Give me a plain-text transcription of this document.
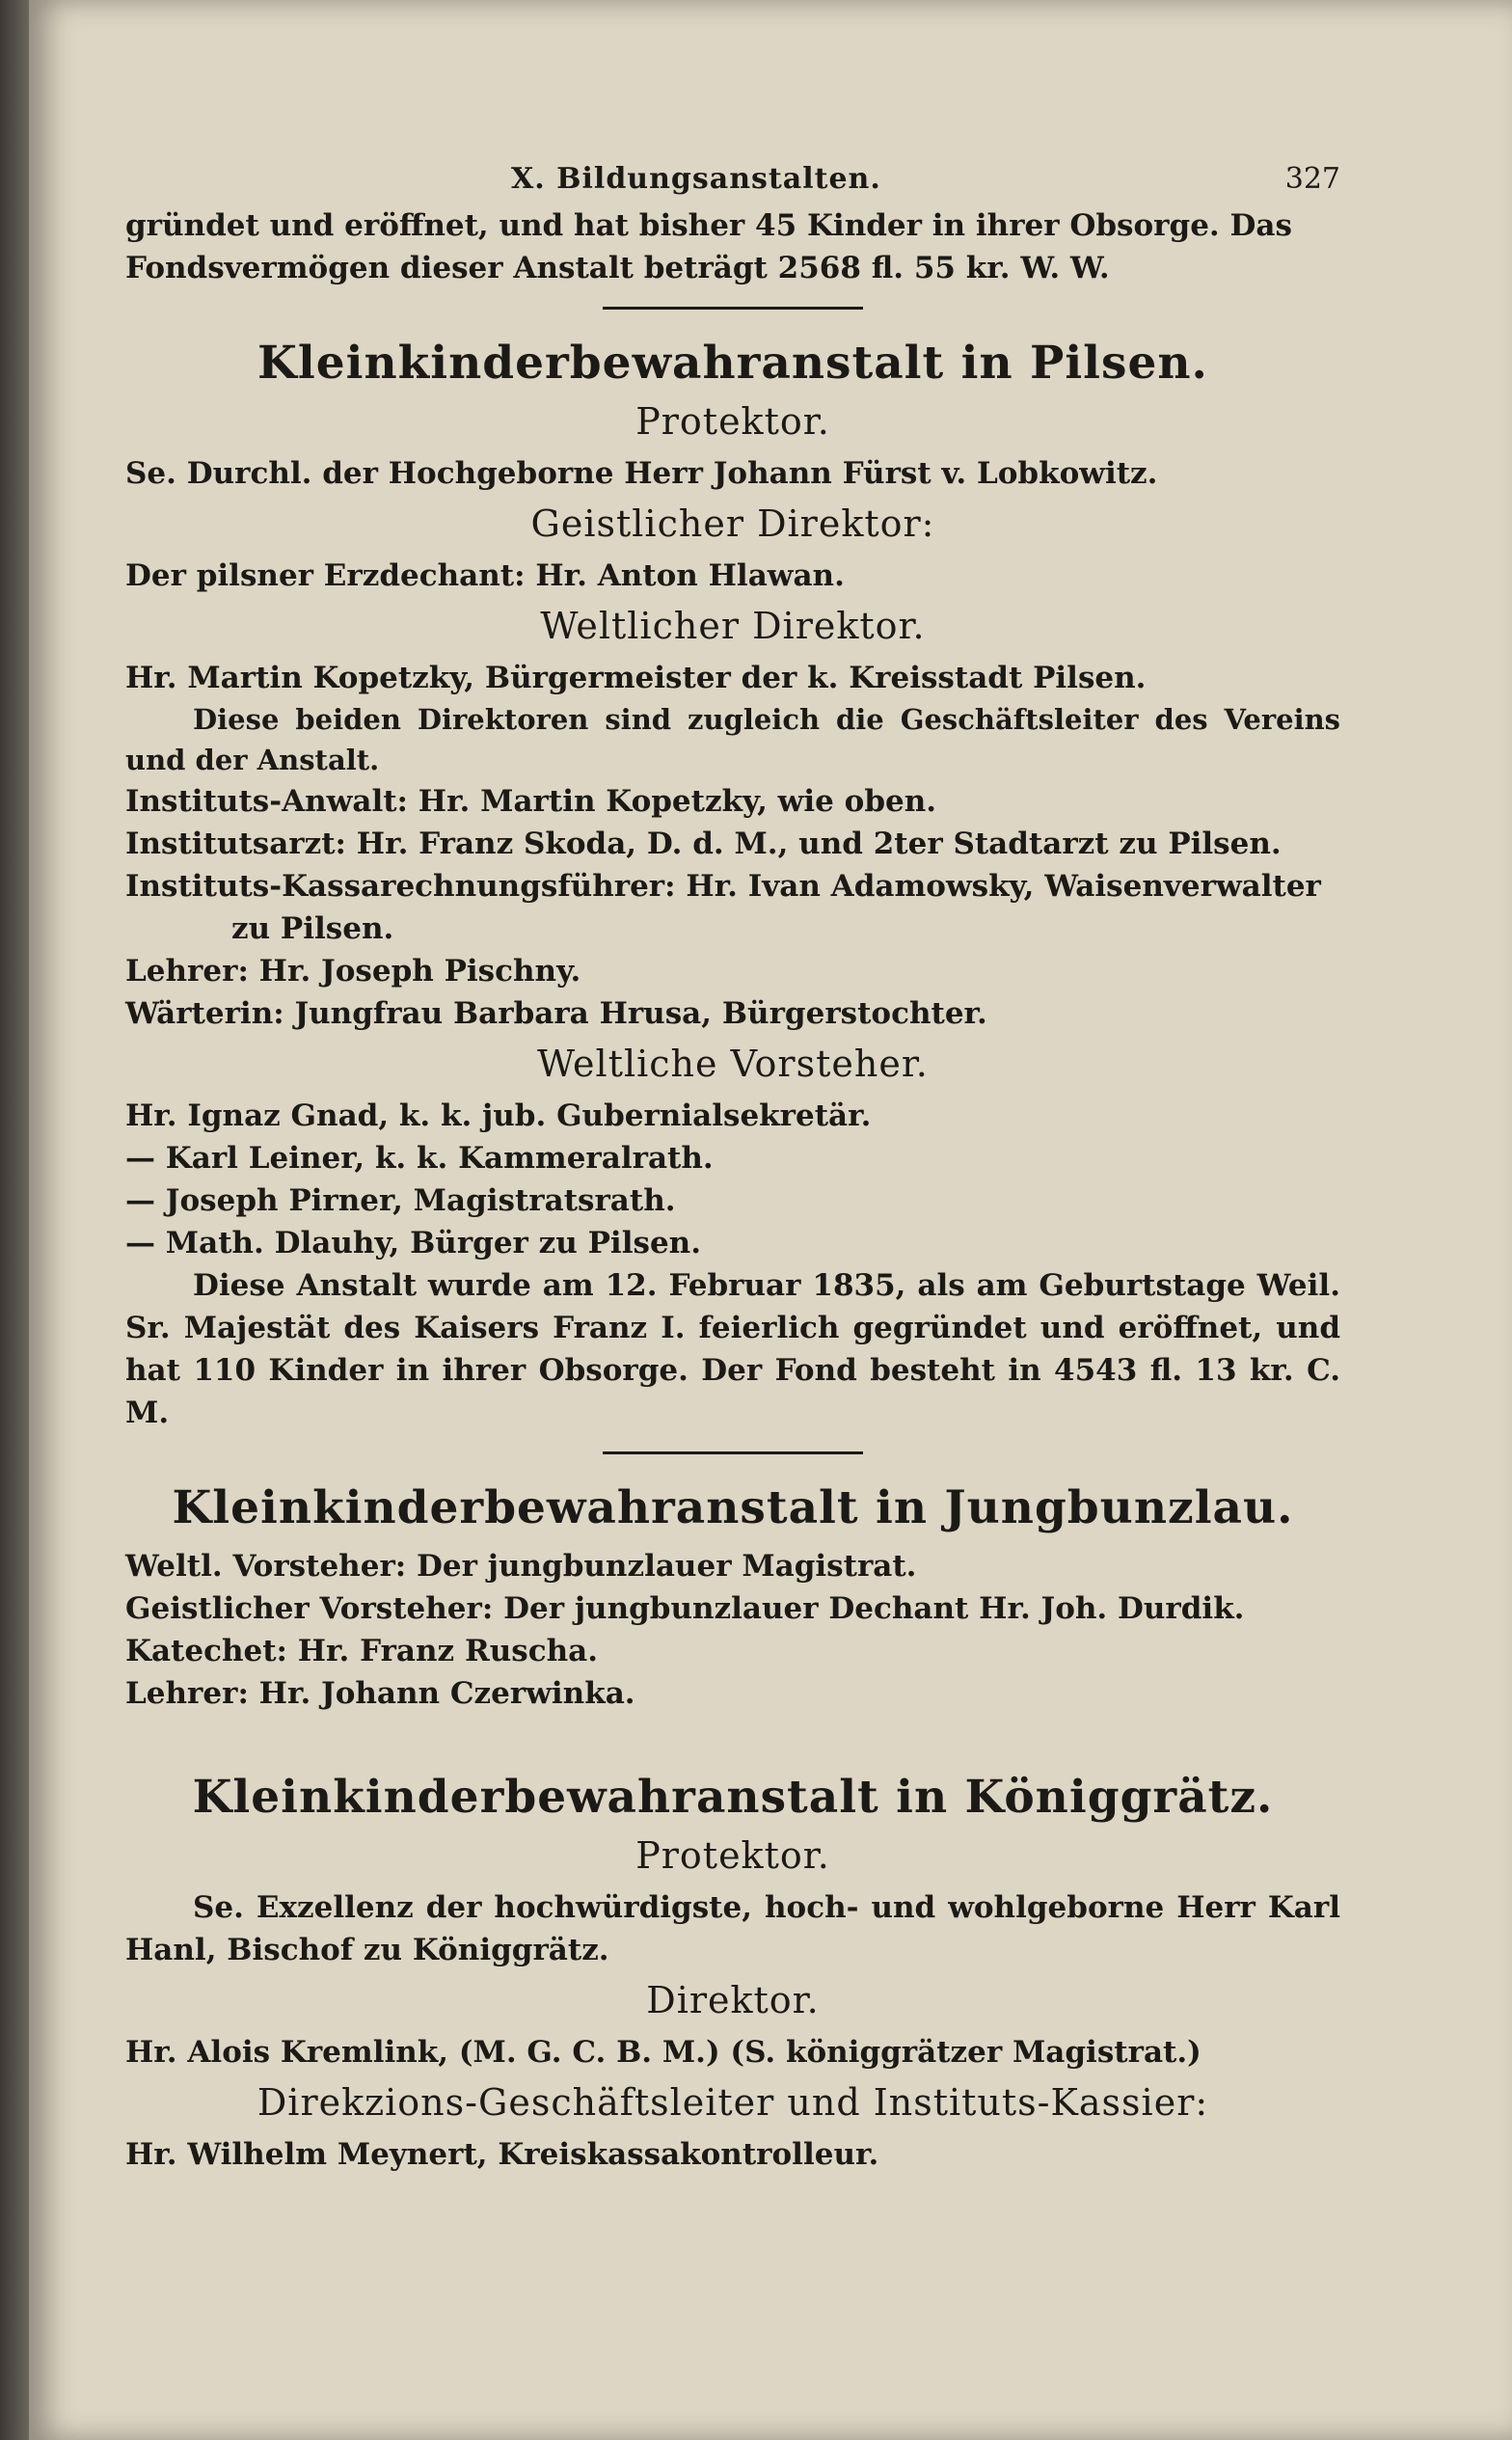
X. Bildungsanstalten.	327

gründet und eröffnet, und hat bisher 45 Kinder in ihrer Obsorge. Das

Fondsvermögen dieser Anstalt beträgt 2568 fl. 55 kr. W. W.

Kleinkinderbewahranstalt in Pilsen.
Protektor.

Se. Durchl. der Hochgeborne Herr Johann Fürst v. Lobkowitz.

Geistlicher Direktor:

Der pilsner Erzdechant: Hr. Anton Hlawan.

Weltlicher Direktor.

Hr. Martin Kopetzky, Bürgermeister der k. Kreisstadt Pilsen.

Diese beiden Direktoren sind zugleich die Geschäftsleiter des Vereins und der Anstalt.

Instituts-Anwalt: Hr. Martin Kopetzky, wie oben.

Institutsarzt: Hr. Franz Skoda, D. d. M., und 2ter Stadtarzt zu Pilsen.

Instituts-Kassarechnungsführer: Hr. Ivan Adamowsky, Waisenverwalter

zu Pilsen.

Lehrer: Hr. Joseph Pischny.

Wärterin: Jungfrau Barbara Hrusa, Bürgerstochter.

Weltliche Vorsteher.

Hr. Ignaz Gnad, k. k. jub. Gubernialsekretär.

— Karl Leiner, k. k. Kammeralrath.

— Joseph Pirner, Magistratsrath.

— Math. Dlauhy, Bürger zu Pilsen.

Diese Anstalt wurde am 12. Februar 1835, als am Geburtstage Weil. Sr. Majestät des Kaisers Franz I. feierlich gegründet und eröffnet, und hat 110 Kinder in ihrer Obsorge. Der Fond besteht in 4543 fl. 13 kr. C. M.

Kleinkinderbewahranstalt in Jungbunzlau.

Weltl. Vorsteher: Der jungbunzlauer Magistrat.

Geistlicher Vorsteher: Der jungbunzlauer Dechant Hr. Joh. Durdik.

Katechet: Hr. Franz Ruscha.

Lehrer: Hr. Johann Czerwinka.

Kleinkinderbewahranstalt in Königgrätz.
Protektor.

Se. Exzellenz der hochwürdigste, hoch- und wohlgeborne Herr Karl Hanl, Bischof zu Königgrätz.

Direktor.

Hr. Alois Kremlink, (M. G. C. B. M.) (S. königgrätzer Magistrat.)

Direkzions-Geschäftsleiter und Instituts-Kassier:

Hr. Wilhelm Meynert, Kreiskassakontrolleur.
